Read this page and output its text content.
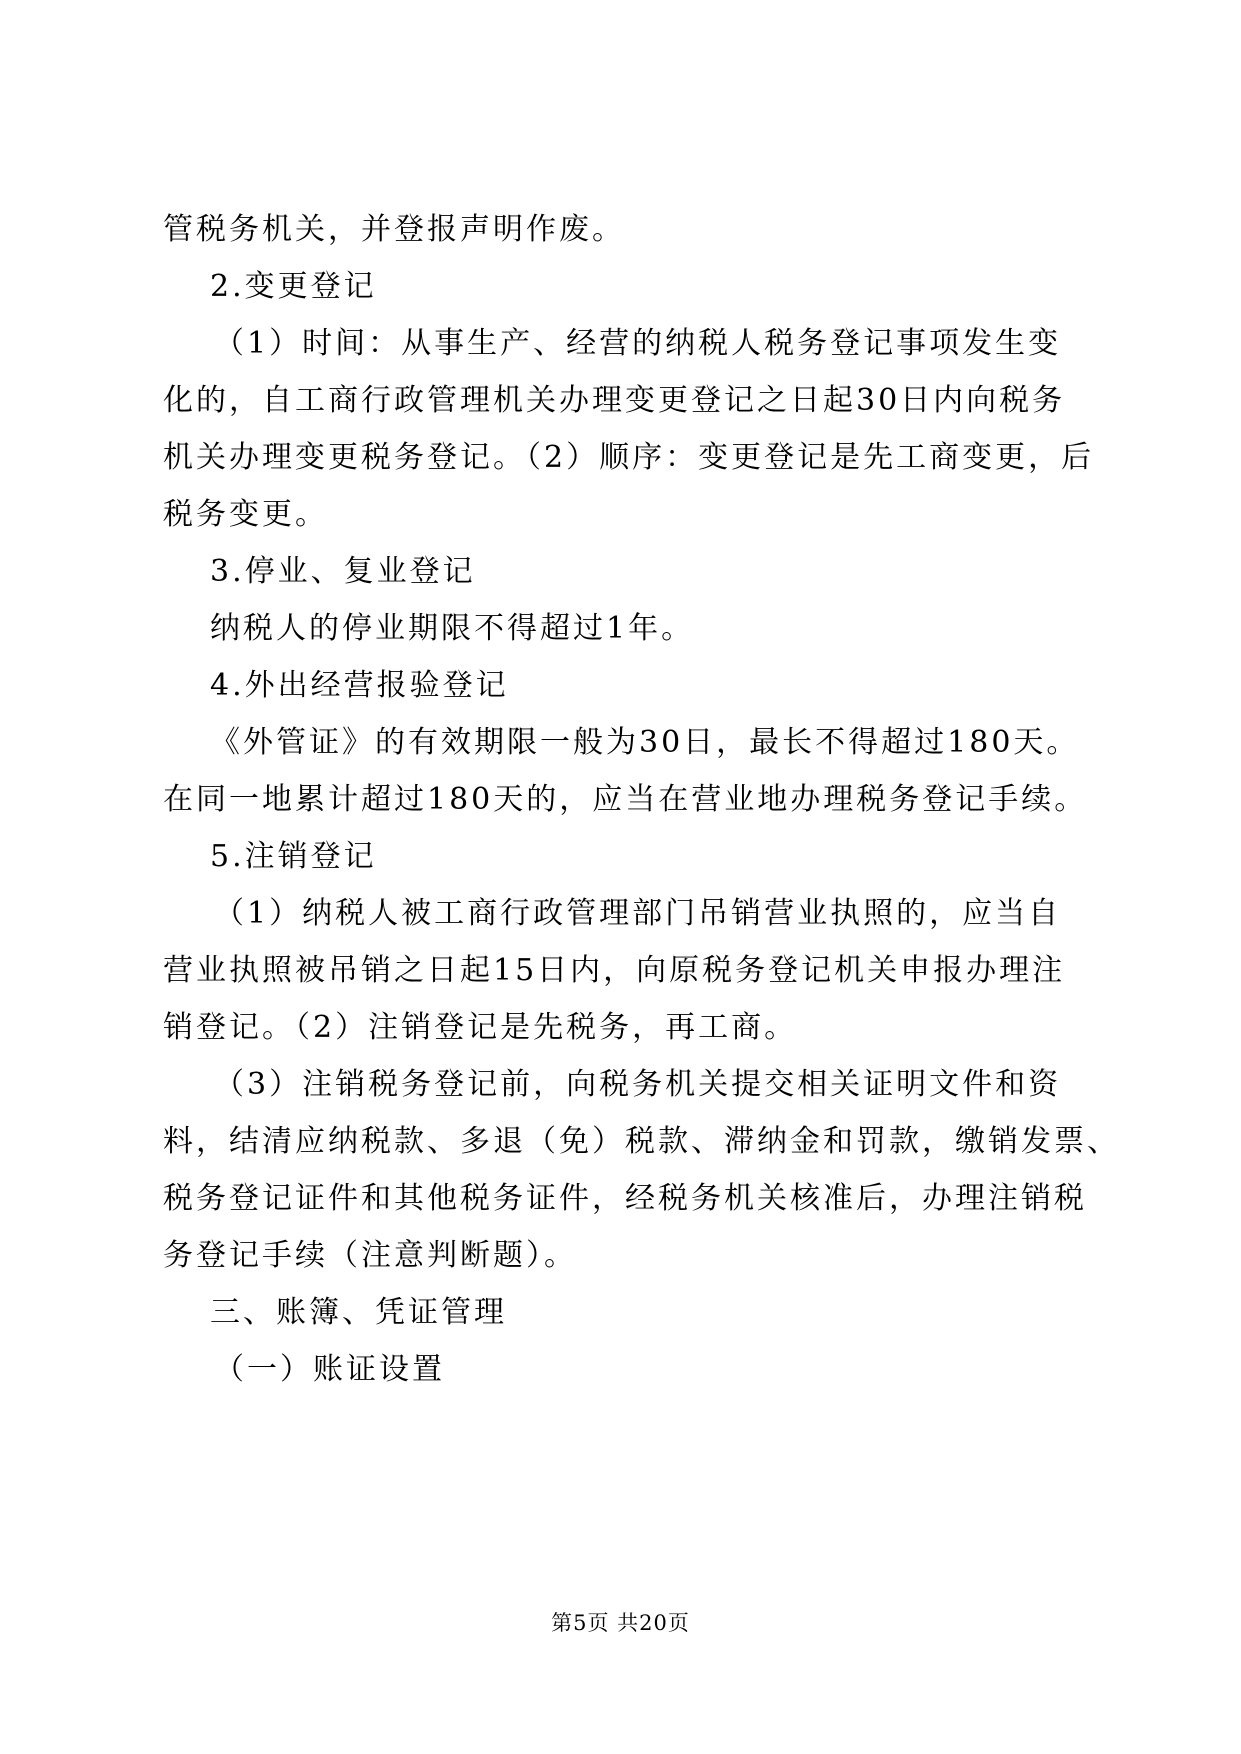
管税务机关，并登报声明作废。
2.变更登记
（1）时间：从事生产、经营的纳税人税务登记事项发生变
化的，自工商行政管理机关办理变更登记之日起30日内向税务
机关办理变更税务登记。（2）顺序：变更登记是先工商变更，后
税务变更。
3.停业、复业登记
纳税人的停业期限不得超过1年。
4.外出经营报验登记
《外管证》的有效期限一般为30日，最长不得超过180天。
在同一地累计超过180天的，应当在营业地办理税务登记手续。
5.注销登记
（1）纳税人被工商行政管理部门吊销营业执照的，应当自
营业执照被吊销之日起15日内，向原税务登记机关申报办理注
销登记。（2）注销登记是先税务，再工商。
（3）注销税务登记前，向税务机关提交相关证明文件和资
料，结清应纳税款、多退（免）税款、滞纳金和罚款，缴销发票、
税务登记证件和其他税务证件，经税务机关核准后，办理注销税
务登记手续（注意判断题）。
三、账簿、凭证管理
（一）账证设置
第5页 共20页
